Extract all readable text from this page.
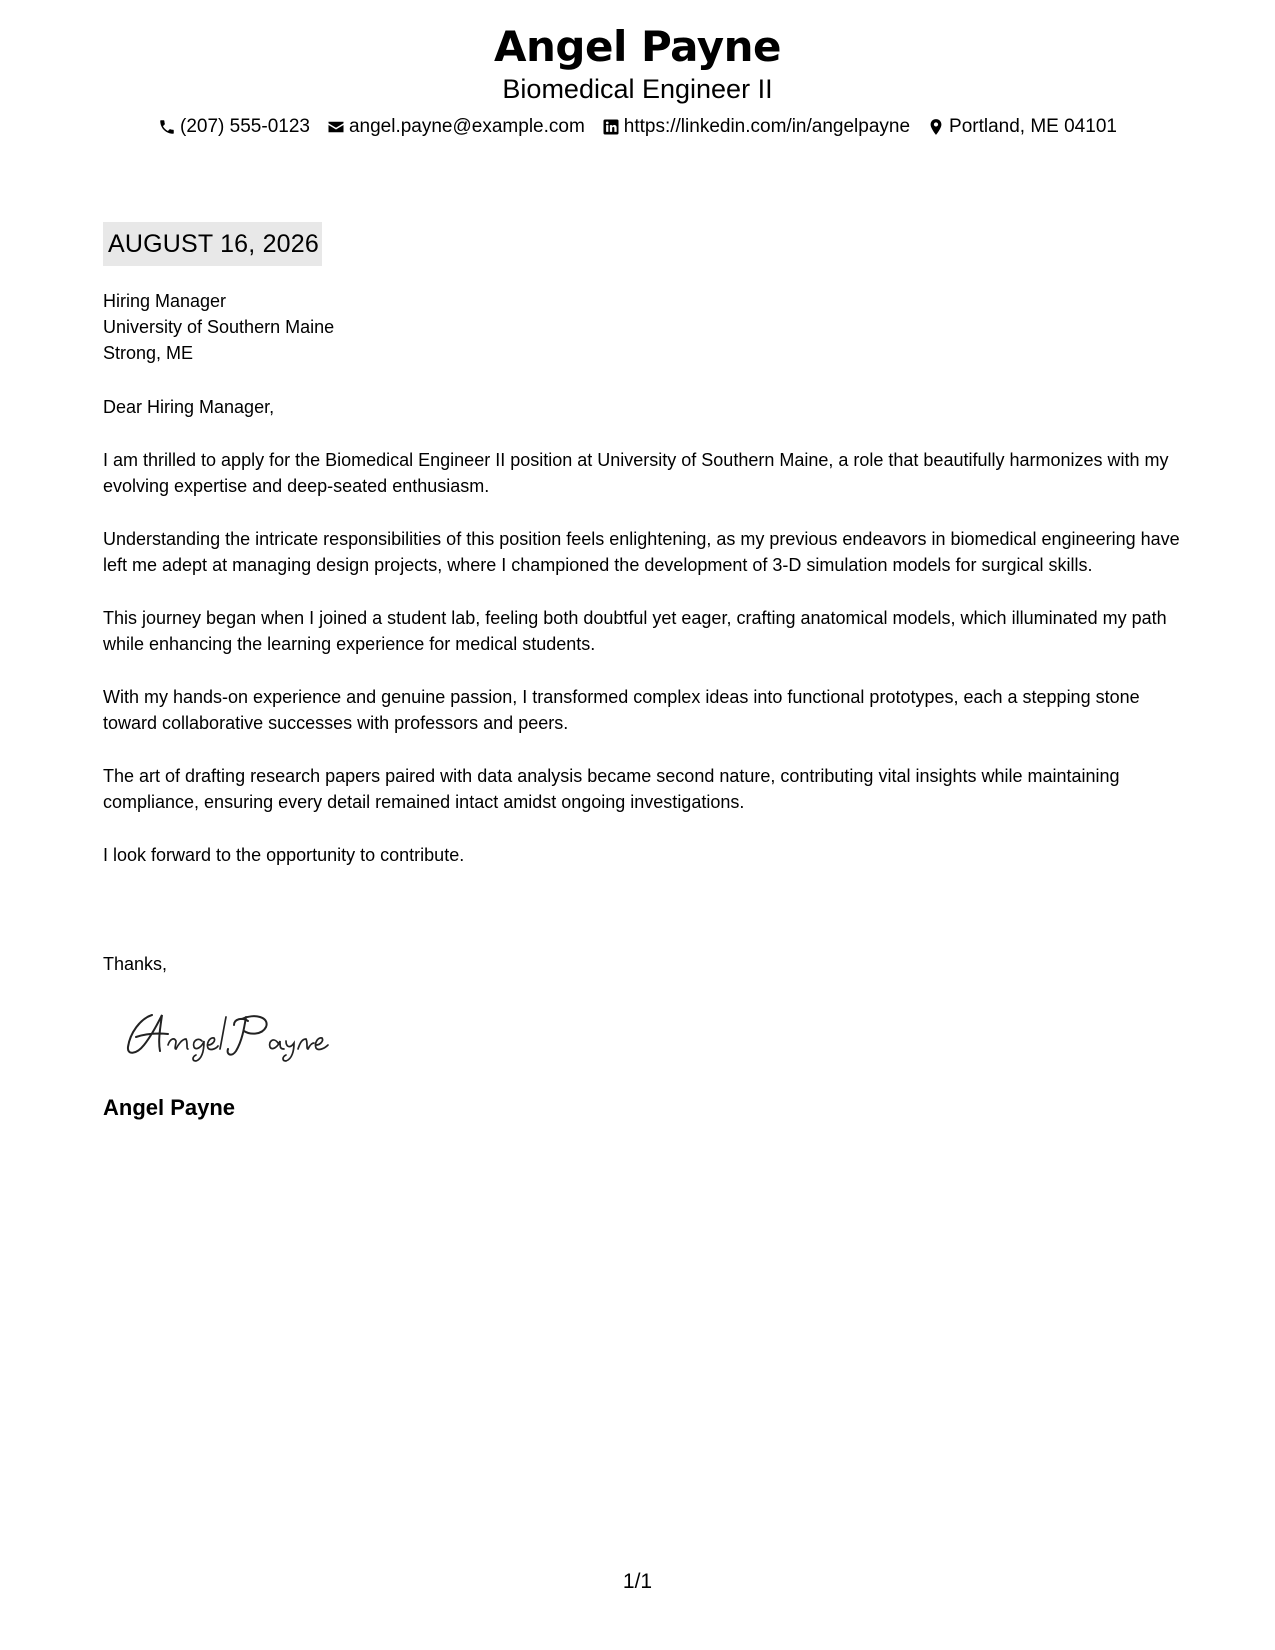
Angel Payne
Biomedical Engineer II
(207) 555-0123 angel.payne@example.com https://linkedin.com/in/angelpayne Portland, ME 04101
AUGUST 16, 2026
Hiring Manager
University of Southern Maine
Strong, ME

Dear Hiring Manager,

I am thrilled to apply for the Biomedical Engineer II position at University of Southern Maine, a role that beautifully harmonizes with my evolving expertise and deep-seated enthusiasm.

Understanding the intricate responsibilities of this position feels enlightening, as my previous endeavors in biomedical engineering have left me adept at managing design projects, where I championed the development of 3-D simulation models for surgical skills.

This journey began when I joined a student lab, feeling both doubtful yet eager, crafting anatomical models, which illuminated my path while enhancing the learning experience for medical students.

With my hands-on experience and genuine passion, I transformed complex ideas into functional prototypes, each a stepping stone toward collaborative successes with professors and peers.

The art of drafting research papers paired with data analysis became second nature, contributing vital insights while maintaining compliance, ensuring every detail remained intact amidst ongoing investigations.

I look forward to the opportunity to contribute.

Thanks,
Angel Payne
1/1
